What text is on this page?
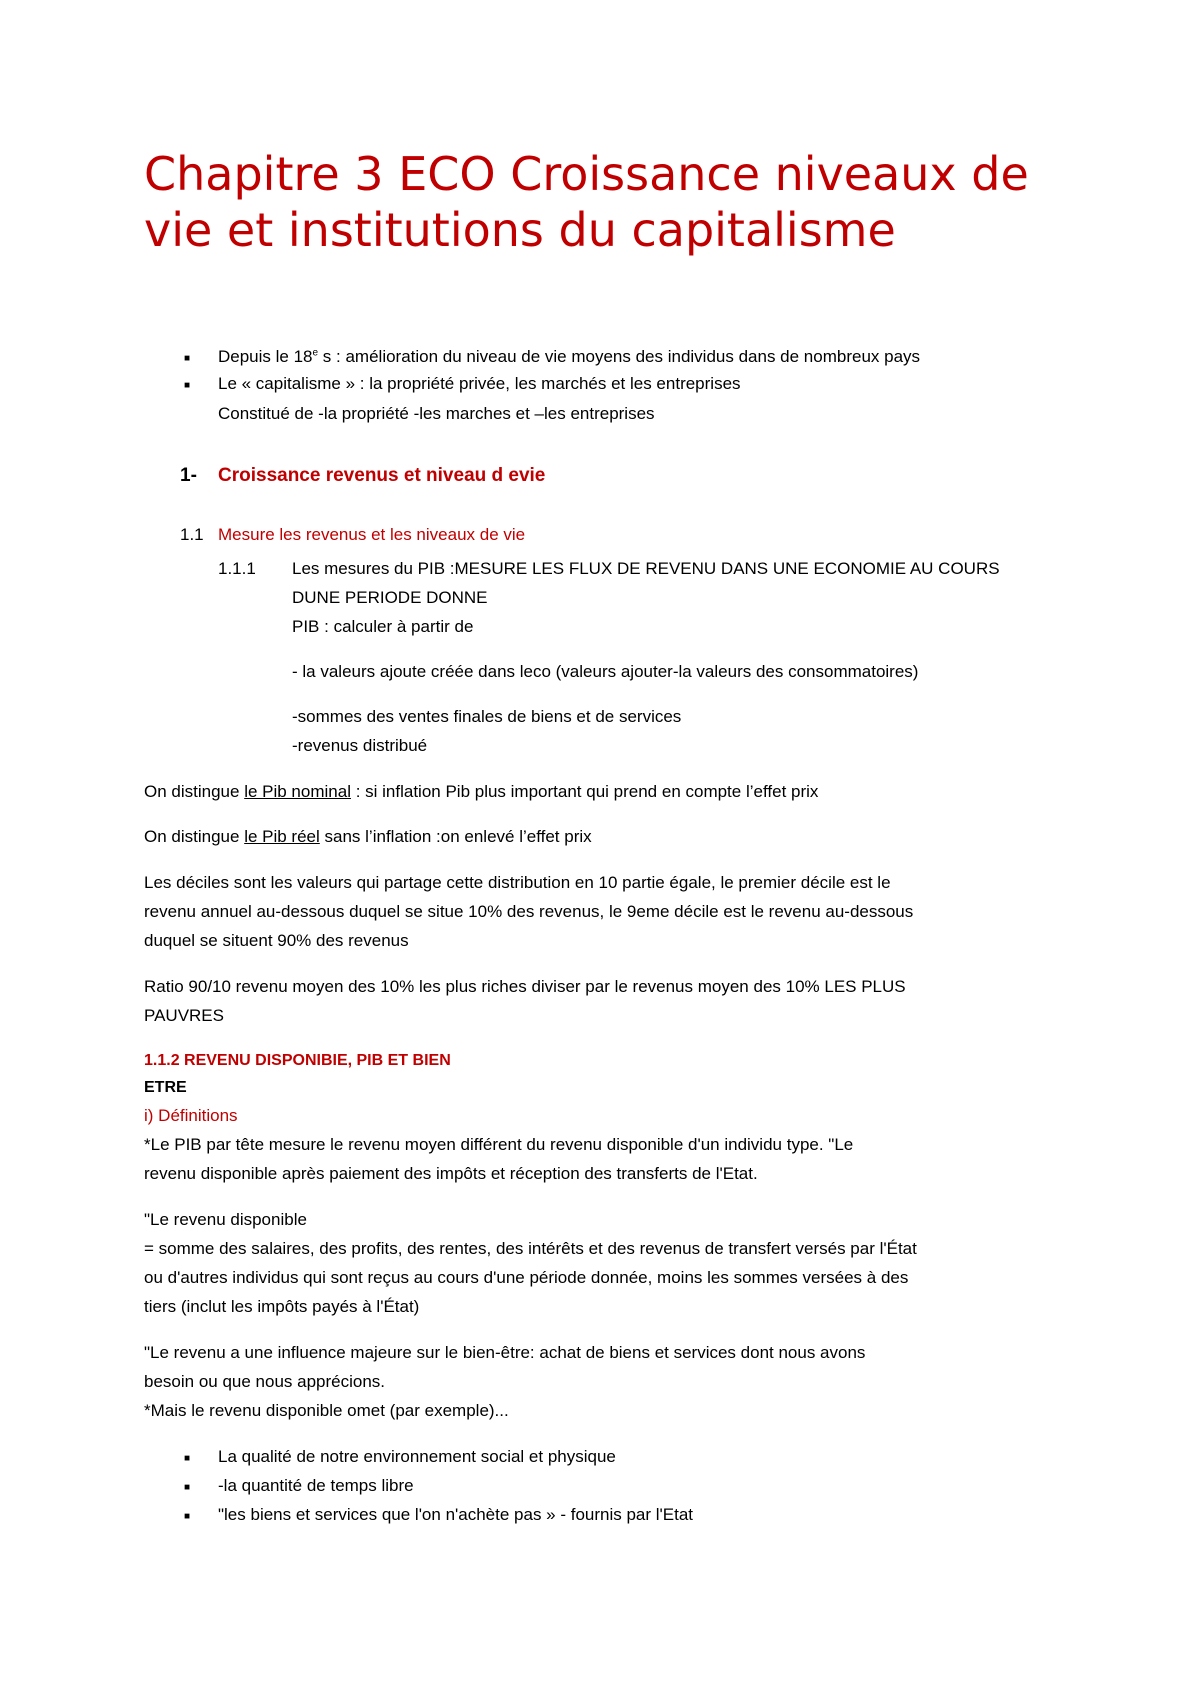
Chapitre 3 ECO Croissance niveaux de vie et institutions du capitalisme
■ Depuis le 18e s : amélioration du niveau de vie moyens des individus dans de nombreux pays
■ Le « capitalisme » : la propriété privée, les marchés et les entreprises
Constitué de -la propriété -les marches et –les entreprises
1- Croissance revenus et niveau d evie
1.1 Mesure les revenus et les niveaux de vie
1.1.1 Les mesures du PIB :MESURE LES FLUX DE REVENU DANS UNE ECONOMIE AU COURS
DUNE PERIODE DONNE
PIB : calculer à partir de
- la valeurs ajoute créée dans leco (valeurs ajouter-la valeurs des consommatoires)
-sommes des ventes finales de biens et de services
-revenus distribué
On distingue le Pib nominal : si inflation Pib plus important qui prend en compte l’effet prix
On distingue le Pib réel sans l’inflation :on enlevé l’effet prix
Les déciles sont les valeurs qui partage cette distribution en 10 partie égale, le premier décile est le
revenu annuel au-dessous duquel se situe 10% des revenus, le 9eme décile est le revenu au-dessous
duquel se situent 90% des revenus
Ratio 90/10 revenu moyen des 10% les plus riches diviser par le revenus moyen des 10% LES PLUS
PAUVRES
1.1.2 REVENU DISPONIBIE, PIB ET BIEN
ETRE
i) Définitions
*Le PIB par tête mesure le revenu moyen différent du revenu disponible d'un individu type. "Le
revenu disponible après paiement des impôts et réception des transferts de l'Etat.
"Le revenu disponible
= somme des salaires, des profits, des rentes, des intérêts et des revenus de transfert versés par l'État
ou d'autres individus qui sont reçus au cours d'une période donnée, moins les sommes versées à des
tiers (inclut les impôts payés à l'État)
"Le revenu a une influence majeure sur le bien-être: achat de biens et services dont nous avons
besoin ou que nous apprécions.
*Mais le revenu disponible omet (par exemple)...
■ La qualité de notre environnement social et physique
■ -la quantité de temps libre
■ "les biens et services que l'on n'achète pas » - fournis par l'Etat
